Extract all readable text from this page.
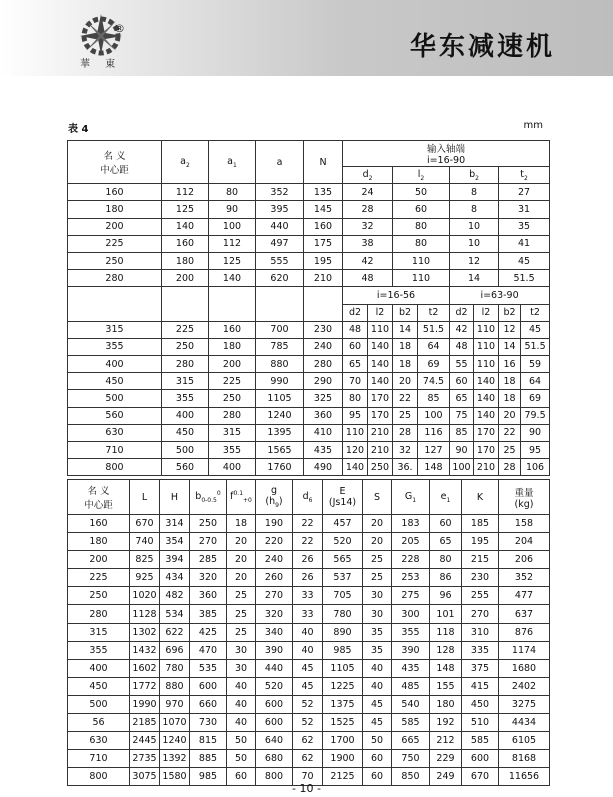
®
華 東
华东减速机
表 4	mm
名 义
中心距	$a_2$	$a_1$	a	N	输入轴端
i=16-90							
					$d_2$		$l_2$		$b_2$		$t_2$
160	112	80	352	135	24		50		8		27	
180	125	90	395	145	28		60		8		31	
200	140	100	440	160	32		80		10		35	
225	160	112	497	175	38		80		10		41	
250	180	125	555	195	42		110		12		45	
280	200	140	620	210	48		110		14		51.5	
					i=16-56				i=63-90			
					d2	l2	b2	t2	d2	l2	b2	t2
315	225	160	700	230	48	110	14	51.5	42	110	12	45
355	250	180	785	240	60	140	18	64	48	110	14	51.5
400	280	200	880	280	65	140	18	69	55	110	16	59
450	315	225	990	290	70	140	20	74.5	60	140	18	64
500	355	250	1105	325	80	170	22	85	65	140	18	69
560	400	280	1240	360	95	170	25	100	75	140	20	79.5
630	450	315	1395	410	110	210	28	116	85	170	22	90
710	500	355	1565	435	120	210	32	127	90	170	25	95
800	560	400	1760	490	140	250	36.	148	100	210	28	106
名 义
中心距	L	H	$b_{0-0.5}^0$	$f^{0.1}_{+0}$	g
$(h_9)$	$d_6$	E
(Js14)	S	$G_1$	$e_1$	K	重量
(kg)
160	670	314	250	18	190	22	457	20	183	60	185	158
180	740	354	270	20	220	22	520	20	205	65	195	204
200	825	394	285	20	240	26	565	25	228	80	215	206
225	925	434	320	20	260	26	537	25	253	86	230	352
250	1020	482	360	25	270	33	705	30	275	96	255	477
280	1128	534	385	25	320	33	780	30	300	101	270	637
315	1302	622	425	25	340	40	890	35	355	118	310	876
355	1432	696	470	30	390	40	985	35	390	128	335	1174
400	1602	780	535	30	440	45	1105	40	435	148	375	1680
450	1772	880	600	40	520	45	1225	40	485	155	415	2402
500	1990	970	660	40	600	52	1375	45	540	180	450	3275
56	2185	1070	730	40	600	52	1525	45	585	192	510	4434
630	2445	1240	815	50	640	62	1700	50	665	212	585	6105
710	2735	1392	885	50	680	62	1900	60	750	229	600	8168
800	3075	1580	985	60	800	70	2125	60	850	249	670	11656
- 10 -
